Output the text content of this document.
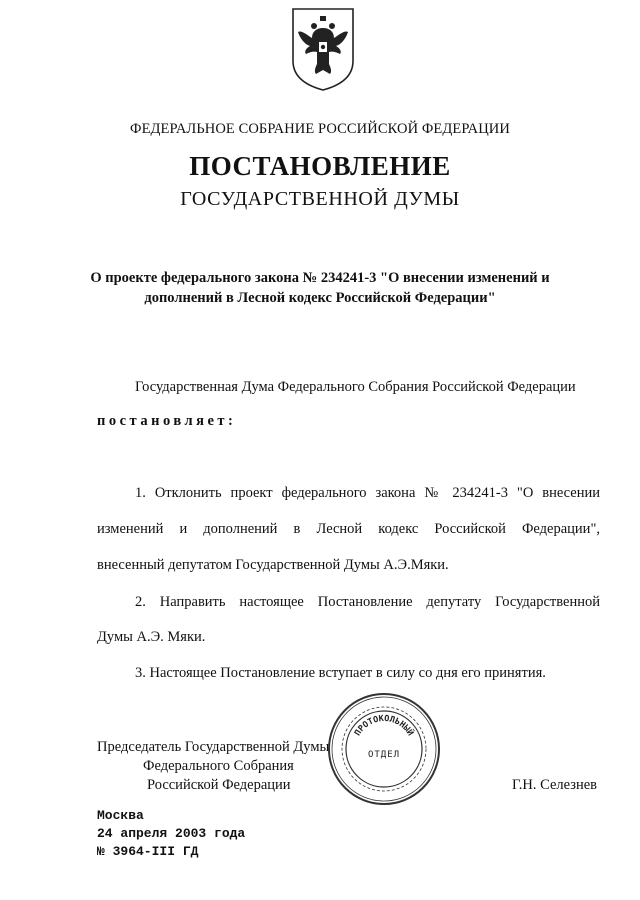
ФЕДЕРАЛЬНОЕ СОБРАНИЕ РОССИЙСКОЙ ФЕДЕРАЦИИ
ПОСТАНОВЛЕНИЕ
ГОСУДАРСТВЕННОЙ ДУМЫ
О проекте федерального закона № 234241-3 "О внесении изменений и
дополнений в Лесной кодекс Российской Федерации"
Государственная Дума Федерального Собрания Российской Федерации
постановляет:
1. Отклонить проект федерального закона № 234241-3 "О внесении
изменений и дополнений в Лесной кодекс Российской Федерации",
внесенный депутатом Государственной Думы А.Э.Мяки.
2. Направить настоящее Постановление депутату Государственной
Думы А.Э. Мяки.
3. Настоящее Постановление вступает в силу со дня его принятия.
Председатель Государственной Думы
Федерального Собрания
Российской Федерации	Г.Н. Селезнев
ПРОТОКОЛЬНЫЙ
ОТДЕЛ
Москва
24 апреля 2003 года
№ 3964-III ГД
